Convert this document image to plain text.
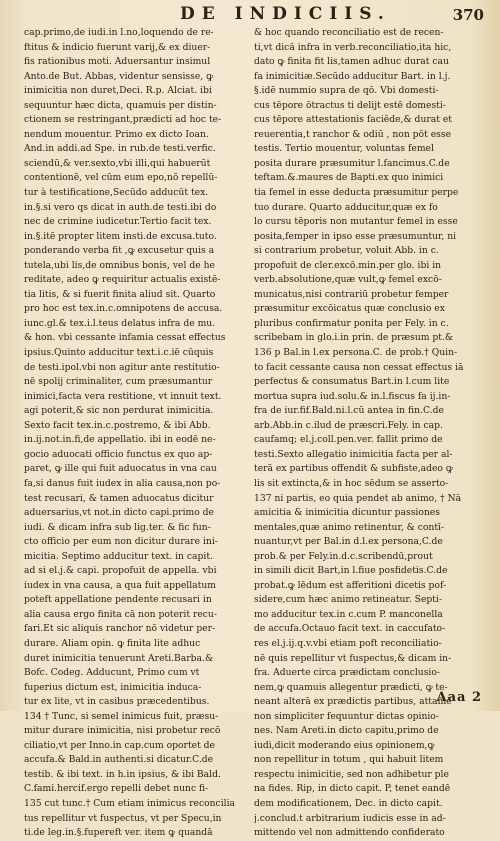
DE INDICIIS.	370
cap.primo,de iudi.in l.no,loquendo de re-
ftitus & indicio fuerunt varij,& ex diuer-
fis rationibus moti. Aduersantur insimul
Anto.de But. Abbas, videntur sensisse, ꝙ
inimicitia non duret,Deci. R.p. Alciat. ibi
sequuntur hæc dicta, quamuis per distin-
ctionem se restringant,prædicti ad hoc te-
nendum mouentur. Primo ex dicto Ioan.
And.in addi.ad Spe. in rub.de testi.verfic.
sciendū,& ver.sexto,vbi illi,qui habuerūt
contentionē, vel cūm eum epo,nō repellū-
tur à testificatione,Secūdo adducūt tex.
in.§.si vero qs dicat in auth.de testi.ibi do
nec de crimine iudicetur.Tertio facit tex.
in.§.itē propter litem insti.de excusa.tuto.
ponderando verba fit ,ꝙ excusetur quis a
tutela,ubi lis,de omnibus bonis, vel de he
reditate, adeo ꝙ requiritur actualis existē-
tia litis, & si fuerit finita aliud sit. Quarto
pro hoc est tex.in.c.omnipotens de accusa.
iunc.gl.& tex.i.l.teus delatus infra de mu.
& hon. vbi cessante infamia cessat effectus
ipsius.Quinto adducitur text.i.c.iē cūquis
de testi.ipol.vbi non agitur ante restitutio-
nē spolij criminaliter, cum præsumantur
inimici,facta vera restitione, vt innuit text.
agi poterit,& sic non perdurat inimicitia.
Sexto facit tex.in.c.postremo, & ibi Abb.
in.ij.not.in.fi,de appellatio. ibi in eodē ne-
gocio aduocati officio functus ex quo ap-
paret, ꝙ ille qui fuit aduocatus in vna cau
fa,si danus fuit iudex in alia causa,non po-
test recusari, & tamen aduocatus dicitur
aduersarius,vt not.in dicto capi.primo de
iudi. & dicam infra sub lig.ter. & fic fun-
cto officio per eum non dicitur durare ini-
micitia. Septimo adducitur text. in capit.
ad si el.j.& capi. propofuit de appella. vbi
iudex in vna causa, a qua fuit appellatum
poteft appellatione pendente recusari in
alia causa ergo finita cā non poterit recu-
fari.Et sic aliquis ranchor nō videtur per-
durare. Aliam opin. ꝙ finita lite adhuc
duret inimicitia tenuerunt Areti.Barba.&
Bofc. Codeg. Adducunt, Primo cum vt
fuperius dictum est, inimicitia induca-
tur ex lite, vt in casibus præcedentibus.
134 † Tunc, si semel inimicus fuit, præsu-
mitur durare inimicitia, nisi probetur recō
ciliatio,vt per Inno.in cap.cum oportet de
accufa.& Bald.in authenti.si dicatur.C.de
testib. & ibi text. in h.in ipsius, & ibi Bald.
C.fami.hercif.ergo repelli debet nunc fi-
135 cut tunc.† Cum etiam inimicus reconcilia
tus repellitur vt fuspectus, vt per Specu,in
ti.de leg.in.§.fupereft ver. item ꝙ quandā
& hoc quando reconciliatio est de recen-
ti,vt dicā infra in verb.reconciliatio,ita hic,
dato ꝙ finita fit lis,tamen adhuc durat cau
fa inimicitiæ.Secūdo adducitur Bart. in l.j.
§.idē nummio supra de qō. Vbi domesti-
cus tēpore ōtractus ti delijt estē domesti-
cus tēpore attestationis faciēde,& durat et
reuerentia,t ranchor & odiū , non pōt esse
testis. Tertio mouentur, voluntas femel
posita durare præsumitur l.fancimus.C.de
teftam.&.maures de Bapti.ex quo inimici
tia femel in esse deducta præsumitur perpe
tuo durare. Quarto adducitur,quæ ex fo
lo cursu tēporis non mutantur femel in esse
posita,femper in ipso esse præsumuntur, ni
si contrarium probetur, voluit Abb. in c.
propofuit de cler.excō.min.per glo. ibi in
verb.absolutione,quæ vult,ꝙ femel excō-
municatus,nisi contrariū probetur femper
præsumitur excōicatus quæ conclusio ex
pluribus confirmatur ponita per Fely. in c.
scribebam in glo.i.in prin. de præsum pt.&
136 p Bal.in l.ex persona.C. de prob.† Quin-
to facit cessante causa non cessat effectus iā
perfectus & consumatus Bart.in l.cum lite
mortua supra iud.solu.& in.l.fiscus fa ij.in-
fra de iur.fif.Bald.ni.l.cū antea in fin.C.de
arb.Abb.in c.ilud de præscri.Fely. in cap.
caufamq; el.j.coll.pen.ver. fallit primo de
testi.Sexto allegatio inimicitia facta per al-
terā ex partibus offendit & subfiste,adeo ꝙ
lis sit extincta,& in hoc sēdum se asserto-
137 ni partis, eo quia pendet ab animo, † Nā
amicitia & inimicitia dicuntur passiones
mentales,quæ animo retinentur, & contī-
nuantur,vt per Bal.in d.l.ex persona,C.de
prob.& per Fely.in.d.c.scribendū,prout
in simili dicit Bart,in l.fiue posfidetis.C.de
probat.ꝙ lēdum est afferitioni dicetis pof-
sidere,cum hæc animo retineatur. Septi-
mo adducitur tex.in c.cum P. manconella
de accufa.Octauo facit text. in caccufato-
res el.j.ij.q.v.vbi etiam poft reconciliatio-
nē quis repellitur vt fuspectus,& dicam in-
fra. Aduerte circa prædictam conclusio-
nem,ꝙ quamuis allegentur prædicti, ꝙ te-
neant alterā ex prædictis partibus, attamē
non simpliciter fequuntur dictas opinio-
nes. Nam Areti.in dicto capitu,primo de
iudi,dicit moderando eius opinionem,ꝙ
non repellitur in totum , qui habuit litem
respectu inimicitie, sed non adhibetur ple
na fides. Rip, in dicto capit. P, tenet eandē
dem modificationem, Dec. in dicto capit.
j.conclud.t arbitrarium iudicis esse in ad-
mittendo vel non admittendo confiderato
Aaa 2
